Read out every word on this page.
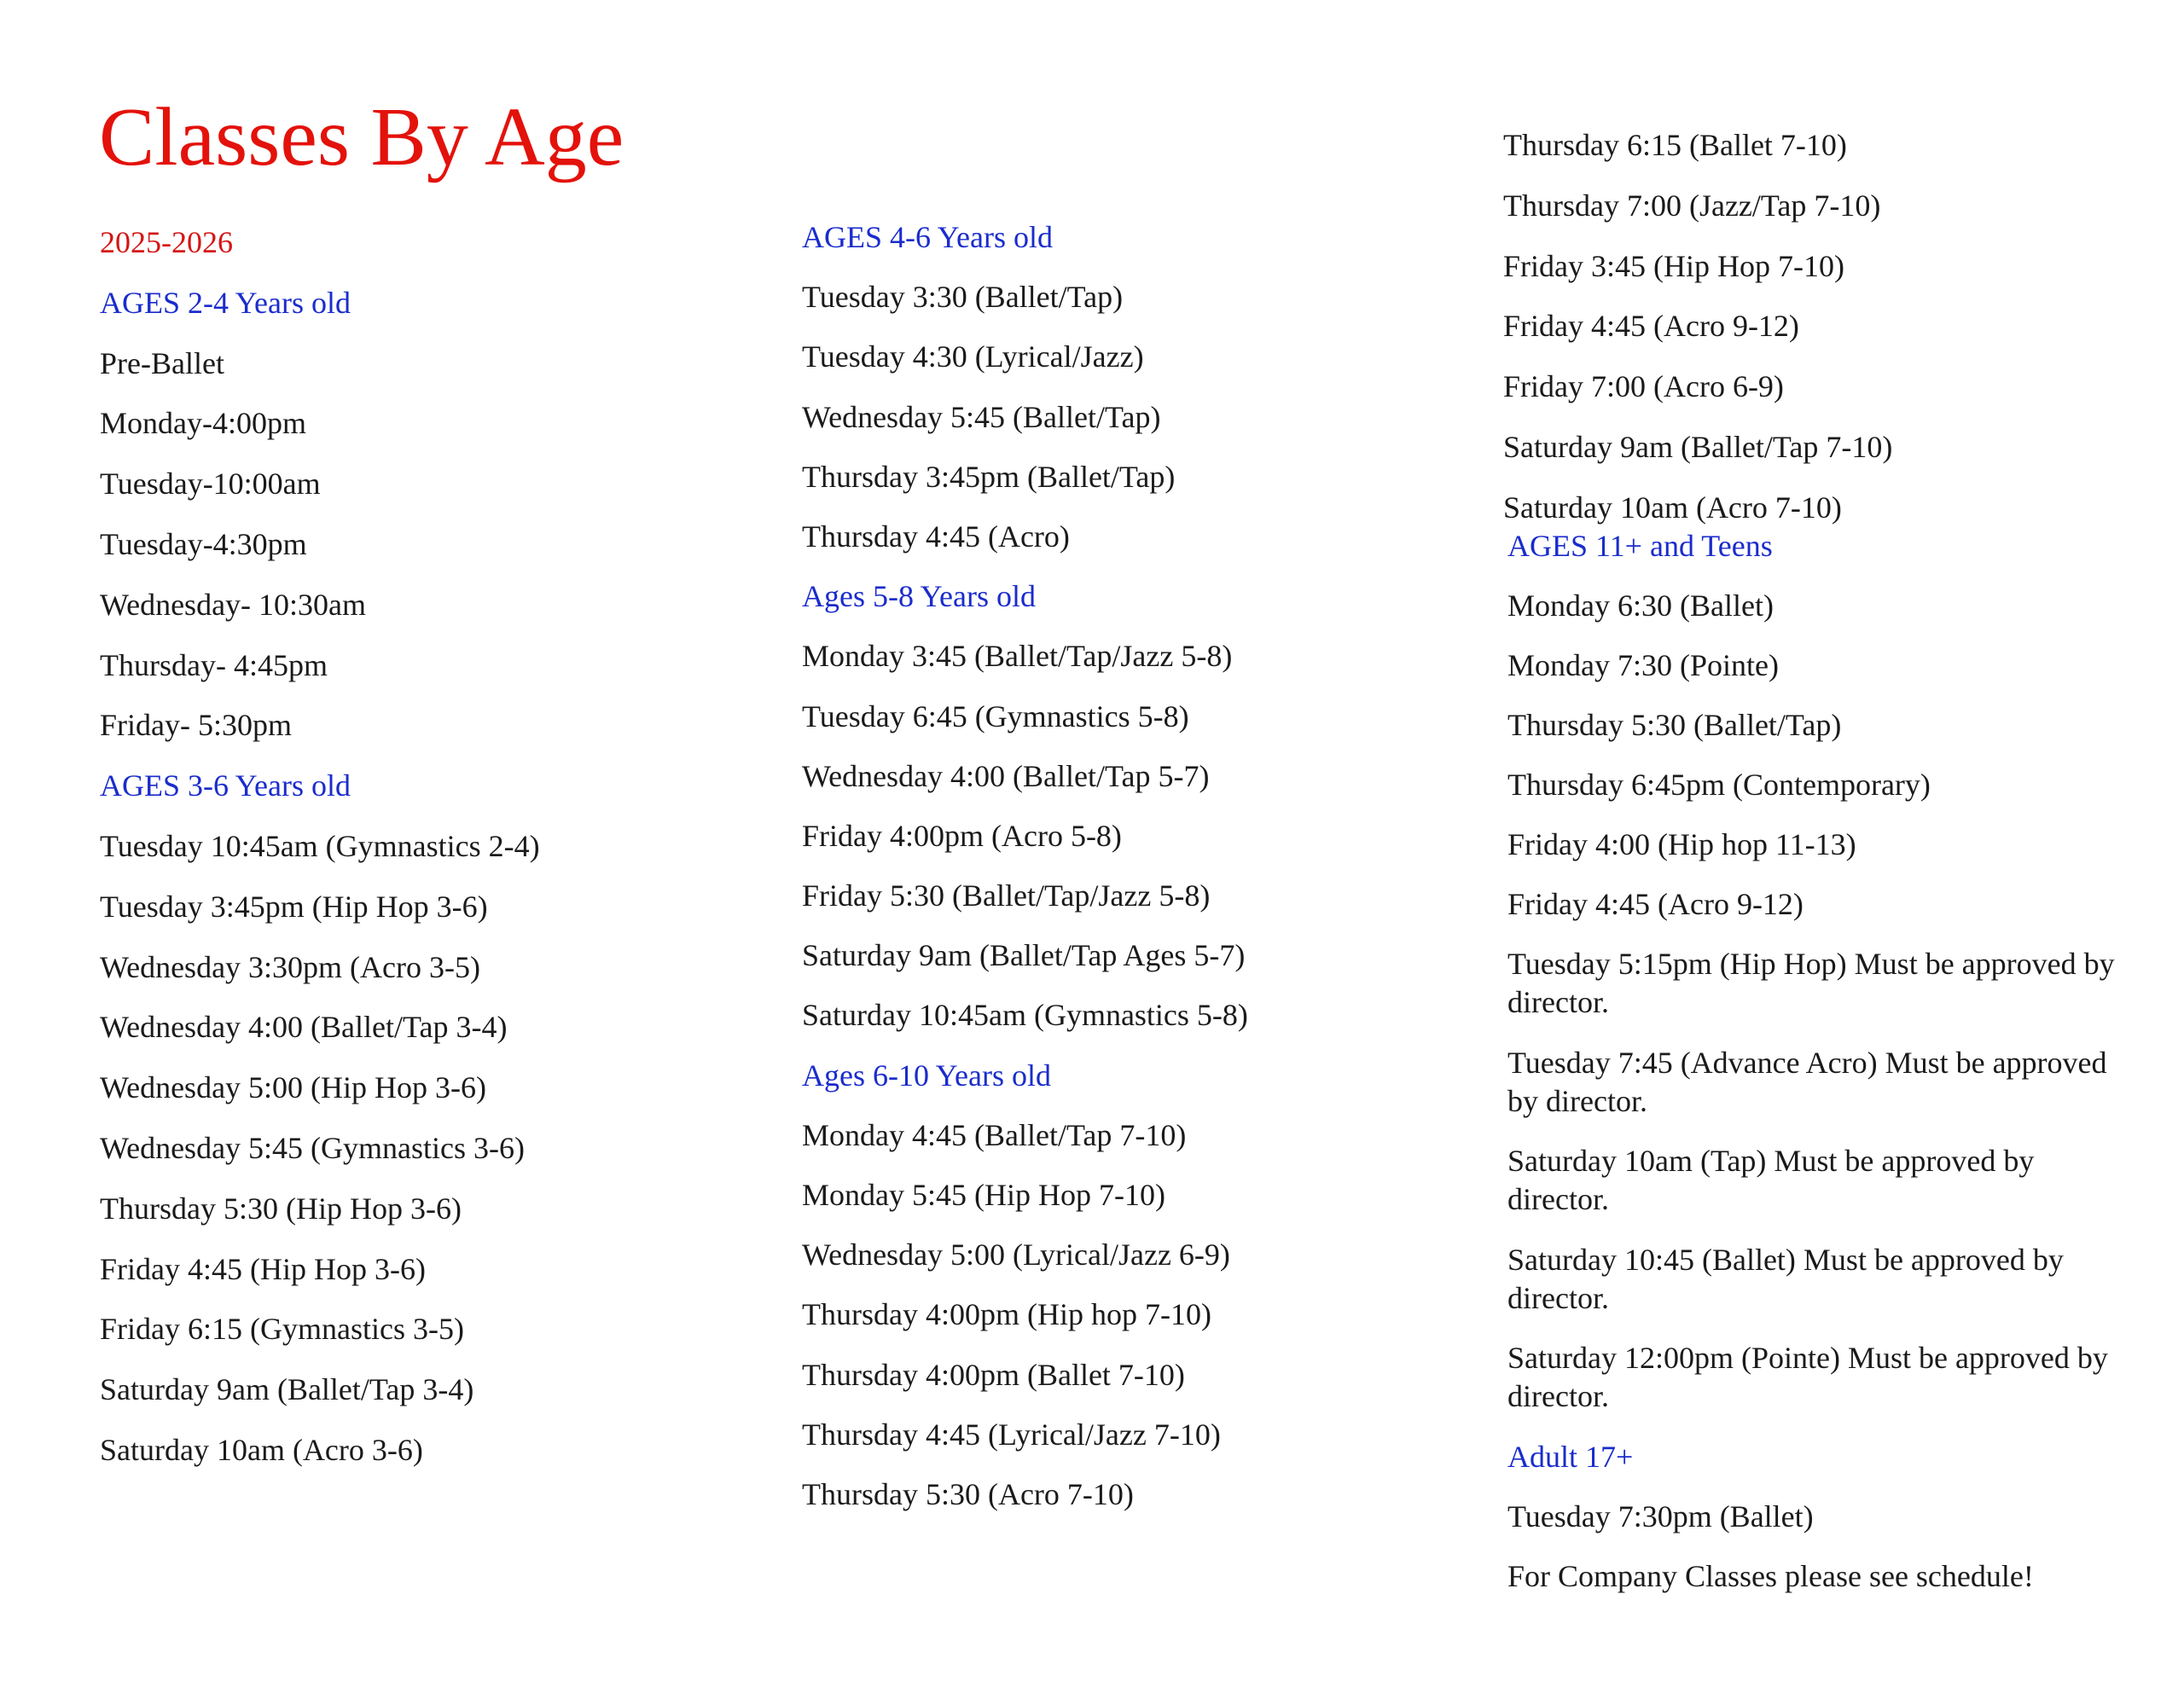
Classes By Age
2025-2026
AGES 2-4 Years old
Pre-Ballet
Monday-4:00pm
Tuesday-10:00am
Tuesday-4:30pm
Wednesday- 10:30am
Thursday- 4:45pm
Friday- 5:30pm
AGES 3-6 Years old
Tuesday 10:45am (Gymnastics 2-4)
Tuesday 3:45pm (Hip Hop 3-6)
Wednesday 3:30pm (Acro 3-5)
Wednesday 4:00 (Ballet/Tap 3-4)
Wednesday 5:00 (Hip Hop 3-6)
Wednesday 5:45 (Gymnastics 3-6)
Thursday 5:30 (Hip Hop 3-6)
Friday 4:45 (Hip Hop 3-6)
Friday 6:15 (Gymnastics 3-5)
Saturday 9am (Ballet/Tap 3-4)
Saturday 10am (Acro 3-6)
AGES 4-6 Years old
Tuesday 3:30 (Ballet/Tap)
Tuesday 4:30 (Lyrical/Jazz)
Wednesday 5:45 (Ballet/Tap)
Thursday 3:45pm (Ballet/Tap)
Thursday 4:45 (Acro)
Ages 5-8 Years old
Monday 3:45 (Ballet/Tap/Jazz 5-8)
Tuesday 6:45 (Gymnastics 5-8)
Wednesday 4:00 (Ballet/Tap 5-7)
Friday 4:00pm (Acro 5-8)
Friday 5:30 (Ballet/Tap/Jazz 5-8)
Saturday 9am (Ballet/Tap Ages 5-7)
Saturday 10:45am (Gymnastics 5-8)
Ages 6-10 Years old
Monday 4:45 (Ballet/Tap 7-10)
Monday 5:45 (Hip Hop 7-10)
Wednesday 5:00 (Lyrical/Jazz 6-9)
Thursday 4:00pm (Hip hop 7-10)
Thursday 4:00pm (Ballet 7-10)
Thursday 4:45 (Lyrical/Jazz 7-10)
Thursday 5:30 (Acro 7-10)
Thursday 6:15 (Ballet 7-10)
Thursday 7:00 (Jazz/Tap 7-10)
Friday 3:45 (Hip Hop 7-10)
Friday 4:45 (Acro 9-12)
Friday 7:00 (Acro 6-9)
Saturday 9am (Ballet/Tap 7-10)
Saturday 10am (Acro 7-10)
AGES 11+ and Teens
Monday 6:30 (Ballet)
Monday 7:30 (Pointe)
Thursday 5:30 (Ballet/Tap)
Thursday 6:45pm (Contemporary)
Friday 4:00 (Hip hop 11-13)
Friday 4:45 (Acro 9-12)
Tuesday 5:15pm (Hip Hop) Must be approved by director.
Tuesday 7:45 (Advance Acro) Must be approved by director.
Saturday 10am (Tap) Must be approved by director.
Saturday 10:45 (Ballet) Must be approved by director.
Saturday 12:00pm (Pointe) Must be approved by director.
Adult 17+
Tuesday 7:30pm (Ballet)
For Company Classes please see schedule!
